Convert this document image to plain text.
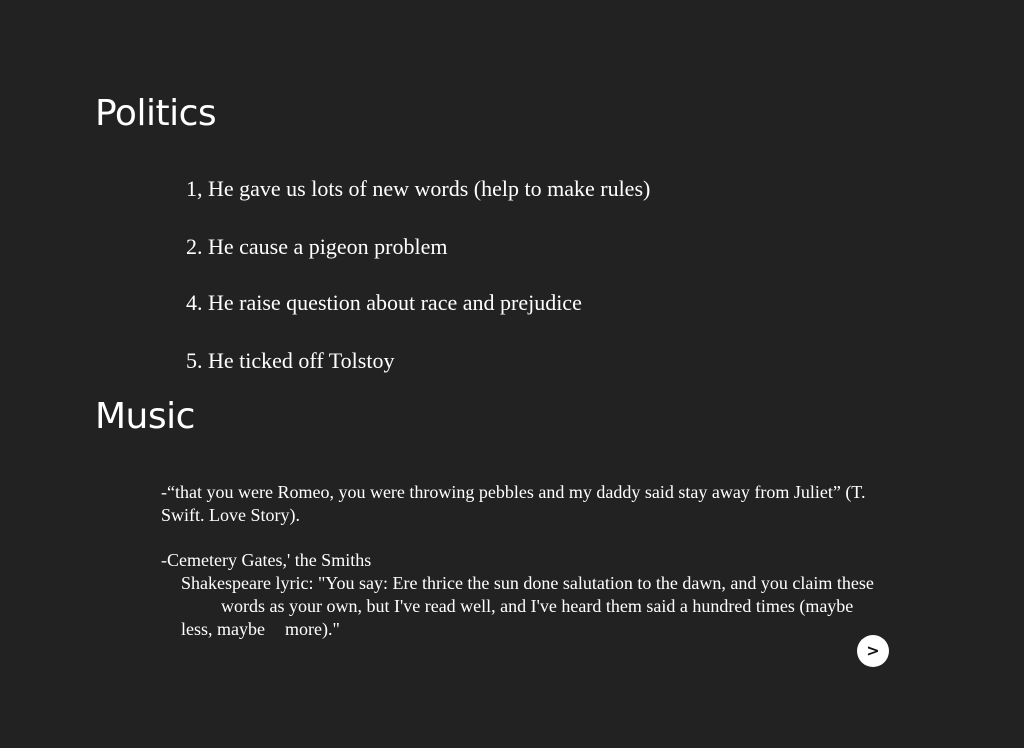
Politics

1, He gave us lots of new words (help to make rules)

2. He cause a pigeon problem

4. He raise question about race and prejudice

5. He ticked off Tolstoy

Music

-“that you were Romeo, you were throwing pebbles and my daddy said stay away from Juliet” (T. Swift. Love Story).

-Cemetery Gates,' the Smiths
Shakespeare lyric: "You say: Ere thrice the sun done salutation to the dawn, and you claim thesewords as your own, but I've read well, and I've heard them said a hundred times (maybe less, maybe more)."
>
